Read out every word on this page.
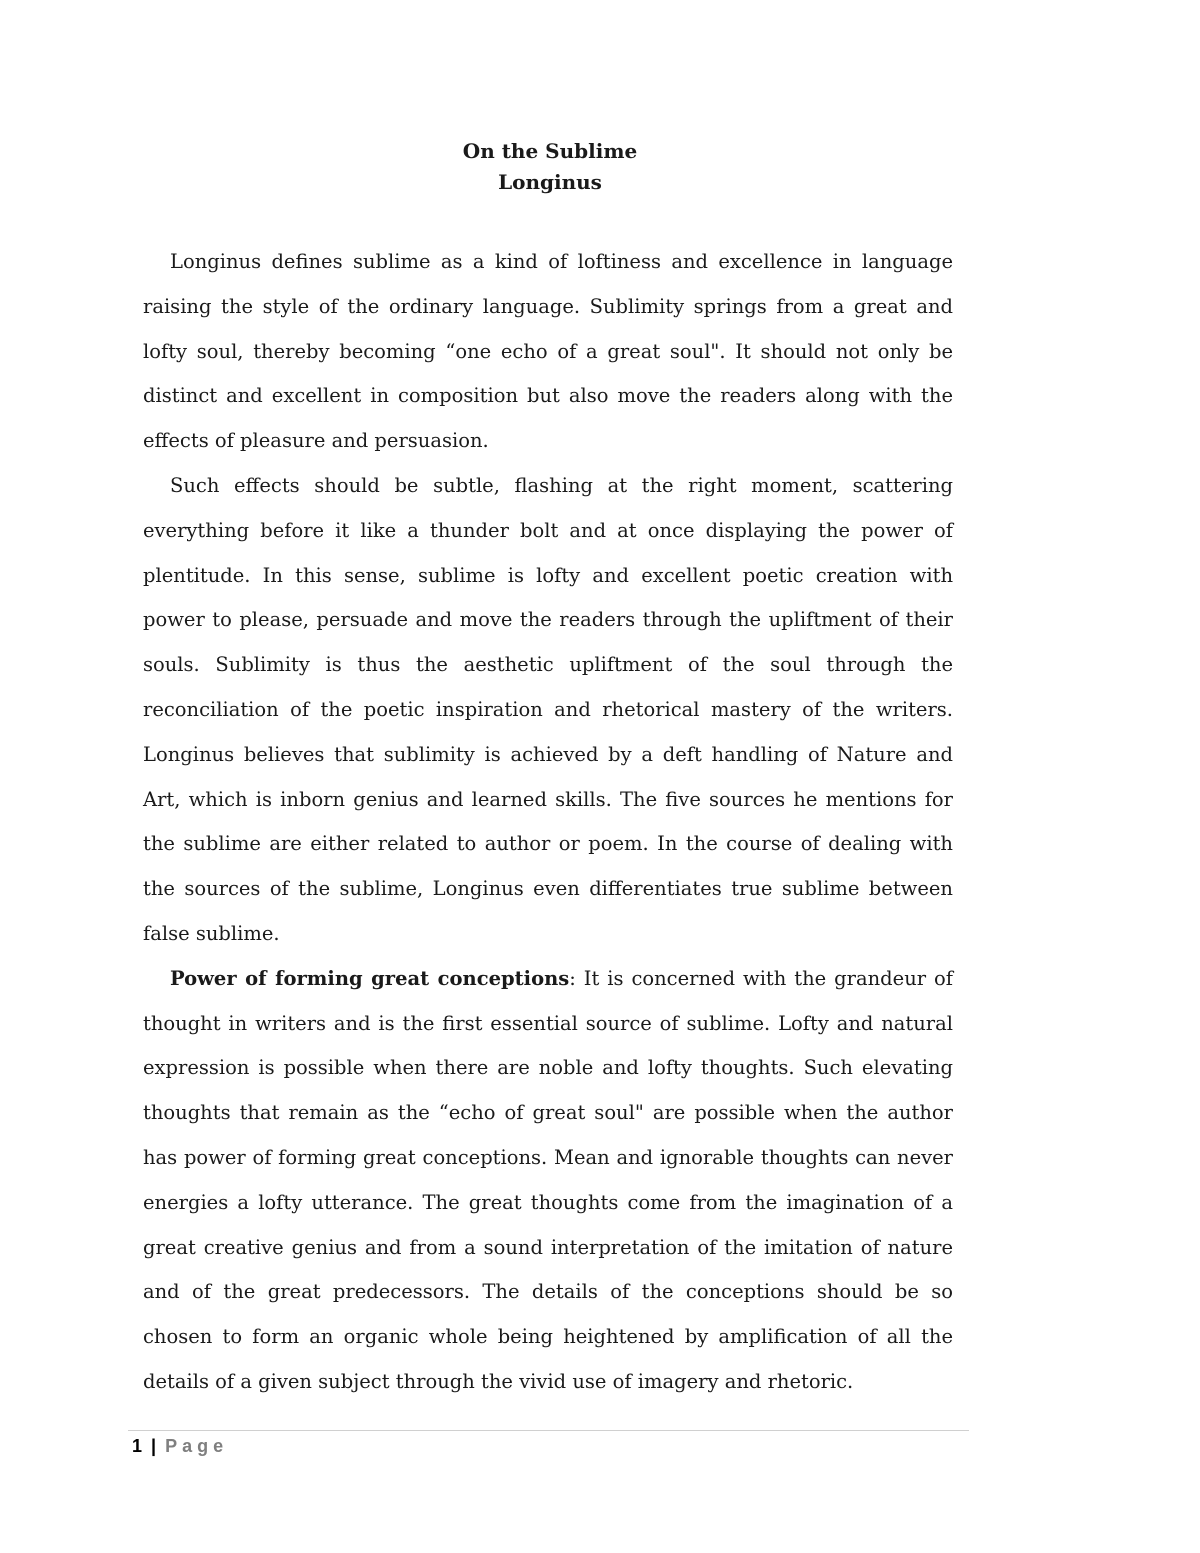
On the Sublime
Longinus

Longinus defines sublime as a kind of loftiness and excellence in language raising the style of the ordinary language. Sublimity springs from a great and lofty soul, thereby becoming “one echo of a great soul". It should not only be distinct and excellent in composition but also move the readers along with the effects of pleasure and persuasion.

Such effects should be subtle, flashing at the right moment, scattering everything before it like a thunder bolt and at once displaying the power of plentitude. In this sense, sublime is lofty and excellent poetic creation with power to please, persuade and move the readers through the upliftment of their souls. Sublimity is thus the aesthetic upliftment of the soul through the reconciliation of the poetic inspiration and rhetorical mastery of the writers. Longinus believes that sublimity is achieved by a deft handling of Nature and Art, which is inborn genius and learned skills. The five sources he mentions for the sublime are either related to author or poem. In the course of dealing with the sources of the sublime, Longinus even differentiates true sublime between false sublime.

Power of forming great conceptions: It is concerned with the grandeur of thought in writers and is the first essential source of sublime. Lofty and natural expression is possible when there are noble and lofty thoughts. Such elevating thoughts that remain as the “echo of great soul" are possible when the author has power of forming great conceptions. Mean and ignorable thoughts can never energies a lofty utterance. The great thoughts come from the imagination of a great creative genius and from a sound interpretation of the imitation of nature and of the great predecessors. The details of the conceptions should be so chosen to form an organic whole being heightened by amplification of all the details of a given subject through the vivid use of imagery and rhetoric.

1 | Page
